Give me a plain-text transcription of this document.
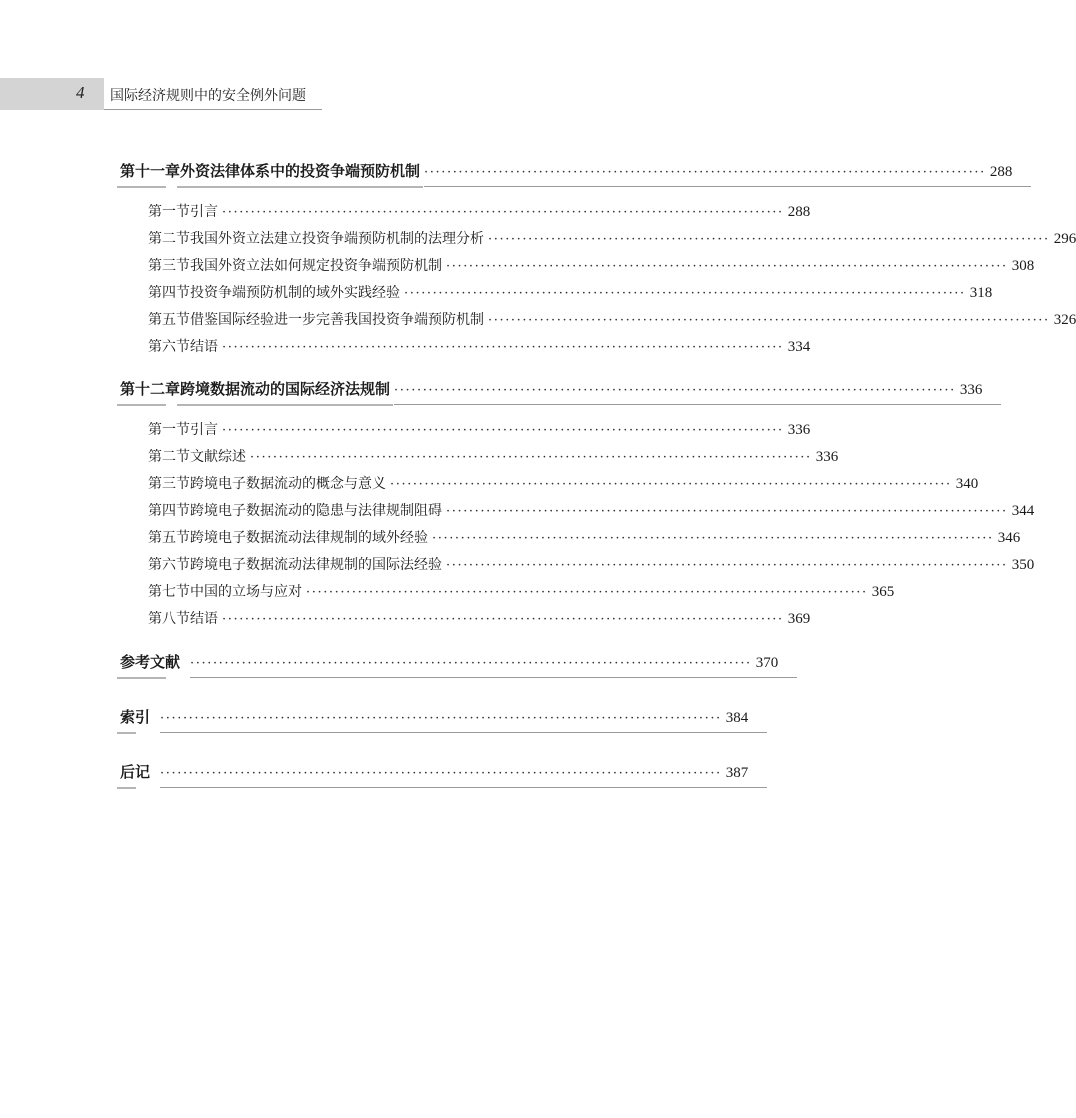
4 国际经济规则中的安全例外问题
第十一章 外资法律体系中的投资争端预防机制 ·································································································· 288
第一节 引言 ·································································································· 288
第二节 我国外资立法建立投资争端预防机制的法理分析 ·································································································· 296
第三节 我国外资立法如何规定投资争端预防机制 ·································································································· 308
第四节 投资争端预防机制的域外实践经验 ·································································································· 318
第五节 借鉴国际经验进一步完善我国投资争端预防机制 ·································································································· 326
第六节 结语 ·································································································· 334
第十二章 跨境数据流动的国际经济法规制 ·································································································· 336
第一节 引言 ·································································································· 336
第二节 文献综述 ·································································································· 336
第三节 跨境电子数据流动的概念与意义 ·································································································· 340
第四节 跨境电子数据流动的隐患与法律规制阻碍 ·································································································· 344
第五节 跨境电子数据流动法律规制的域外经验 ·································································································· 346
第六节 跨境电子数据流动法律规制的国际法经验 ·································································································· 350
第七节 中国的立场与应对 ·································································································· 365
第八节 结语 ·································································································· 369
参考文献 ·································································································· 370
索引 ·································································································· 384
后记 ·································································································· 387
